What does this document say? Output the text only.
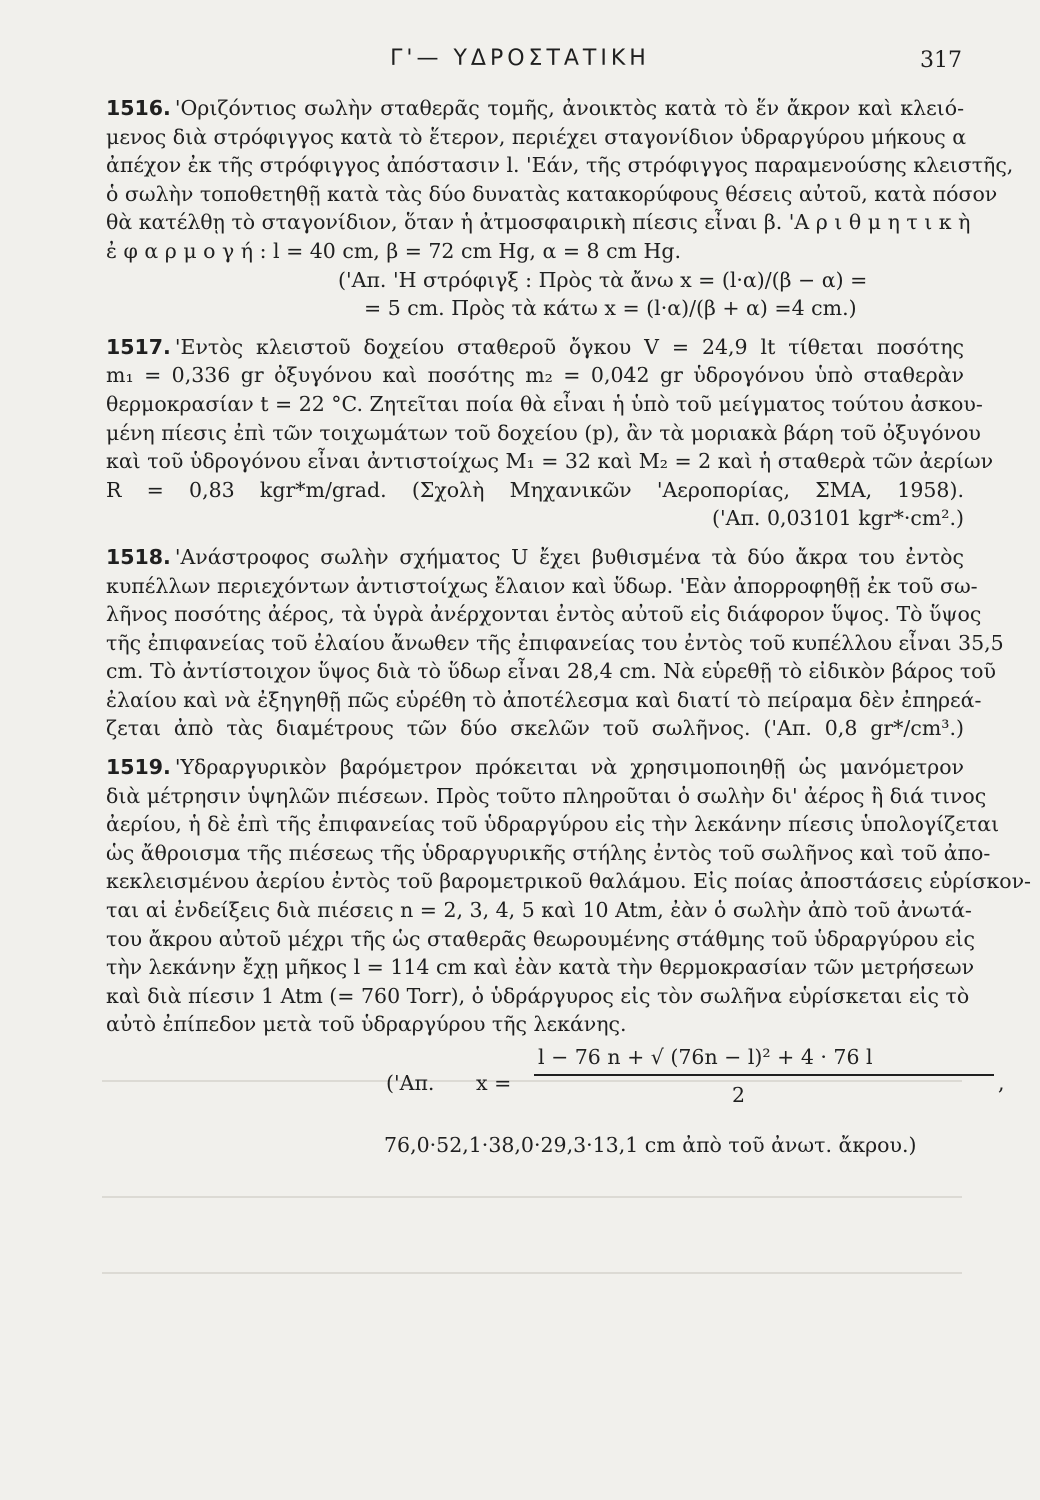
Γ'— ΥΔΡΟΣΤΑΤΙΚΗ	317
1516. 'Οριζόντιος σωλὴν σταθερᾶς τομῆς, ἀνοικτὸς κατὰ τὸ ἕν ἄκρον καὶ κλειό-
μενος διὰ στρόφιγγος κατὰ τὸ ἕτερον, περιέχει σταγονίδιον ὑδραργύρου μήκους α
ἀπέχον ἐκ τῆς στρόφιγγος ἀπόστασιν l. 'Εάν, τῆς στρόφιγγος παραμενούσης κλειστῆς,
ὁ σωλὴν τοποθετηθῇ κατὰ τὰς δύο δυνατὰς κατακορύφους θέσεις αὐτοῦ, κατὰ πόσον
θὰ κατέλθῃ τὸ σταγονίδιον, ὅταν ἡ ἀτμοσφαιρικὴ πίεσις εἶναι β. 'Α ρ ι θ μ η τ ι κ ὴ
ἐ φ α ρ μ ο γ ή : l = 40 cm, β = 72 cm Hg, α = 8 cm Hg.
('Απ. 'Η στρόφιγξ : Πρὸς τὰ ἄνω x = (l·α)/(β − α) =
= 5 cm. Πρὸς τὰ κάτω x = (l·α)/(β + α) =4 cm.)
1517. 'Εντὸς κλειστοῦ δοχείου σταθεροῦ ὄγκου V = 24,9 lt τίθεται ποσότης
m₁ = 0,336 gr ὀξυγόνου καὶ ποσότης m₂ = 0,042 gr ὑδρογόνου ὑπὸ σταθερὰν
θερμοκρασίαν t = 22 °C. Ζητεῖται ποία θὰ εἶναι ἡ ὑπὸ τοῦ μείγματος τούτου ἀσκου-
μένη πίεσις ἐπὶ τῶν τοιχωμάτων τοῦ δοχείου (p), ἂν τὰ μοριακὰ βάρη τοῦ ὀξυγόνου
καὶ τοῦ ὑδρογόνου εἶναι ἀντιστοίχως M₁ = 32 καὶ M₂ = 2 καὶ ἡ σταθερὰ τῶν ἀερίων
R = 0,83 kgr*m/grad. (Σχολὴ Μηχανικῶν 'Αεροπορίας, ΣΜΑ, 1958).
('Απ. 0,03101 kgr*·cm².)
1518. 'Ανάστροφος σωλὴν σχήματος U ἔχει βυθισμένα τὰ δύο ἄκρα του ἐντὸς
κυπέλλων περιεχόντων ἀντιστοίχως ἔλαιον καὶ ὕδωρ. 'Εὰν ἀπορροφηθῇ ἐκ τοῦ σω-
λῆνος ποσότης ἀέρος, τὰ ὑγρὰ ἀνέρχονται ἐντὸς αὐτοῦ εἰς διάφορον ὕψος. Τὸ ὕψος
τῆς ἐπιφανείας τοῦ ἐλαίου ἄνωθεν τῆς ἐπιφανείας του ἐντὸς τοῦ κυπέλλου εἶναι 35,5
cm. Τὸ ἀντίστοιχον ὕψος διὰ τὸ ὕδωρ εἶναι 28,4 cm. Νὰ εὑρεθῇ τὸ εἰδικὸν βάρος τοῦ
ἐλαίου καὶ νὰ ἐξηγηθῇ πῶς εὑρέθη τὸ ἀποτέλεσμα καὶ διατί τὸ πείραμα δὲν ἐπηρεά-
ζεται ἀπὸ τὰς διαμέτρους τῶν δύο σκελῶν τοῦ σωλῆνος. ('Απ. 0,8 gr*/cm³.)
1519. 'Υδραργυρικὸν βαρόμετρον πρόκειται νὰ χρησιμοποιηθῇ ὡς μανόμετρον
διὰ μέτρησιν ὑψηλῶν πιέσεων. Πρὸς τοῦτο πληροῦται ὁ σωλὴν δι' ἀέρος ἢ διά τινος
ἀερίου, ἡ δὲ ἐπὶ τῆς ἐπιφανείας τοῦ ὑδραργύρου εἰς τὴν λεκάνην πίεσις ὑπολογίζεται
ὡς ἄθροισμα τῆς πιέσεως τῆς ὑδραργυρικῆς στήλης ἐντὸς τοῦ σωλῆνος καὶ τοῦ ἀπο-
κεκλεισμένου ἀερίου ἐντὸς τοῦ βαρομετρικοῦ θαλάμου. Εἰς ποίας ἀποστάσεις εὑρίσκον-
ται αἱ ἐνδείξεις διὰ πιέσεις n = 2, 3, 4, 5 καὶ 10 Atm, ἐὰν ὁ σωλὴν ἀπὸ τοῦ ἀνωτά-
του ἄκρου αὐτοῦ μέχρι τῆς ὡς σταθερᾶς θεωρουμένης στάθμης τοῦ ὑδραργύρου εἰς
τὴν λεκάνην ἔχῃ μῆκος l = 114 cm καὶ ἐὰν κατὰ τὴν θερμοκρασίαν τῶν μετρήσεων
καὶ διὰ πίεσιν 1 Atm (= 760 Torr), ὁ ὑδράργυρος εἰς τὸν σωλῆνα εὑρίσκεται εἰς τὸ
αὐτὸ ἐπίπεδον μετὰ τοῦ ὑδραργύρου τῆς λεκάνης.
('Απ. x =
l − 76 n + √ (76n − l)² + 4 · 76 l
2	,
76,0·52,1·38,0·29,3·13,1 cm ἀπὸ τοῦ ἀνωτ. ἄκρου.)
